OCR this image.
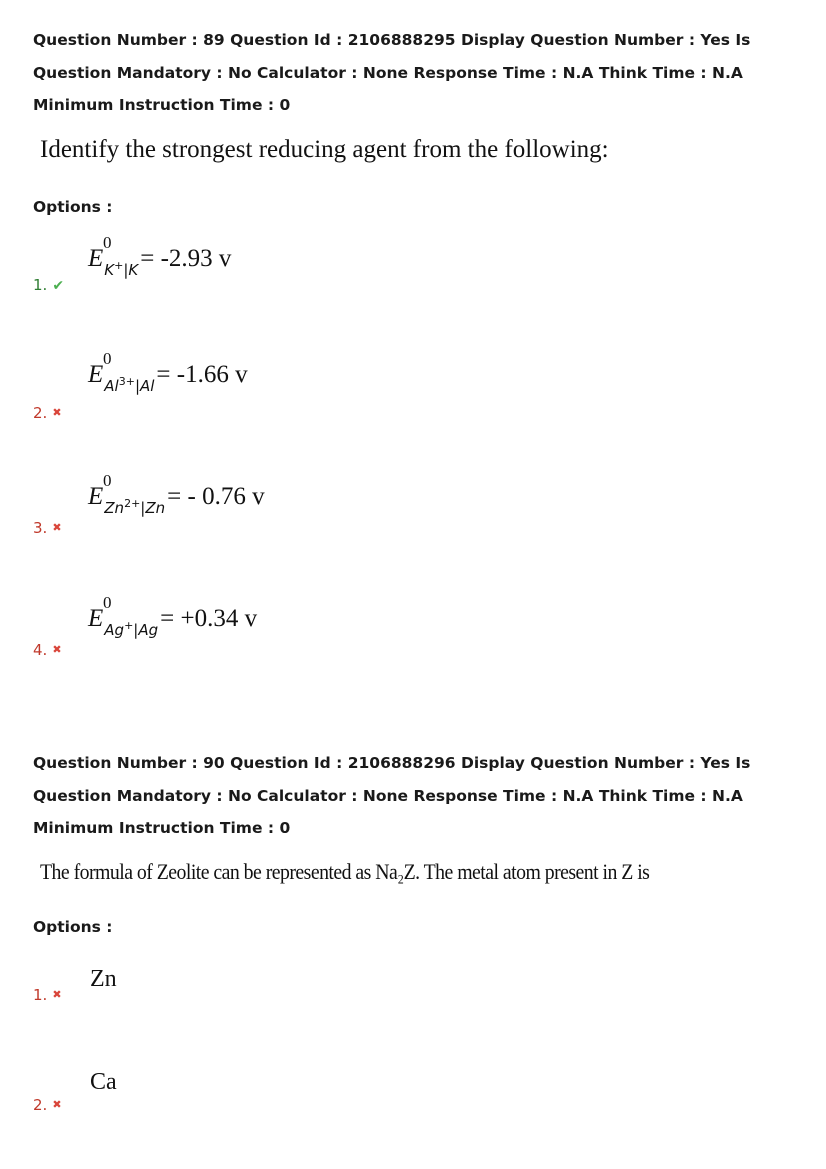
Question Number : 89 Question Id : 2106888295 Display Question Number : Yes Is Question Mandatory : No Calculator : None Response Time : N.A Think Time : N.A Minimum Instruction Time : 0
Identify the strongest reducing agent from the following:
Options :
E
0
$_{K^+|K}$= -2.93 v
1. ✔
E
0
$_{Al^{3+}|Al}$= -1.66 v
2. ✖
E
0
$_{Zn^{2+}|Zn}$= - 0.76 v
3. ✖
E
0
$_{Ag^+|Ag}$= +0.34 v
4. ✖
Question Number : 90 Question Id : 2106888296 Display Question Number : Yes Is Question Mandatory : No Calculator : None Response Time : N.A Think Time : N.A Minimum Instruction Time : 0
The formula of Zeolite can be represented as Na₂Z. The metal atom present in Z is
Options :
Zn
1. ✖
Ca
2. ✖
